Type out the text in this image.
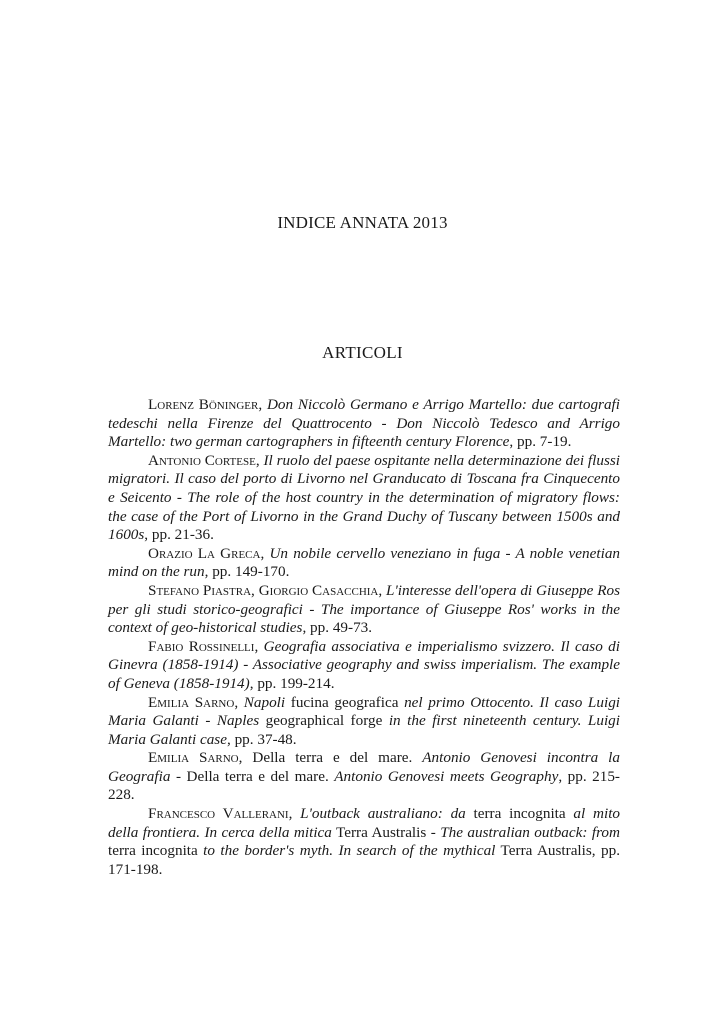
INDICE ANNATA 2013
ARTICOLI

Lorenz Böninger, Don Niccolò Germano e Arrigo Martello: due cartografi tedeschi nella Firenze del Quattrocento - Don Niccolò Tedesco and Arrigo Martello: two german cartographers in fifteenth century Florence, pp. 7-19.

Antonio Cortese, Il ruolo del paese ospitante nella determinazione dei flussi migratori. Il caso del porto di Livorno nel Granducato di Toscana fra Cinquecento e Seicento - The role of the host country in the determination of migratory flows: the case of the Port of Livorno in the Grand Duchy of Tuscany between 1500s and 1600s, pp. 21-36.

Orazio La Greca, Un nobile cervello veneziano in fuga - A noble venetian mind on the run, pp. 149-170.

Stefano Piastra, Giorgio Casacchia, L'interesse dell'opera di Giuseppe Ros per gli studi storico-geografici - The importance of Giuseppe Ros' works in the context of geo-historical studies, pp. 49-73.

Fabio Rossinelli, Geografia associativa e imperialismo svizzero. Il caso di Ginevra (1858-1914) - Associative geography and swiss imperialism. The example of Geneva (1858-1914), pp. 199-214.

Emilia Sarno, Napoli fucina geografica nel primo Ottocento. Il caso Luigi Maria Galanti - Naples geographical forge in the first nineteenth century. Luigi Maria Galanti case, pp. 37-48.

Emilia Sarno, Della terra e del mare. Antonio Genovesi incontra la Geografia - Della terra e del mare. Antonio Genovesi meets Geography, pp. 215-228.

Francesco Vallerani, L'outback australiano: da terra incognita al mito della frontiera. In cerca della mitica Terra Australis - The australian outback: from terra incognita to the border's myth. In search of the mythical Terra Australis, pp. 171-198.
